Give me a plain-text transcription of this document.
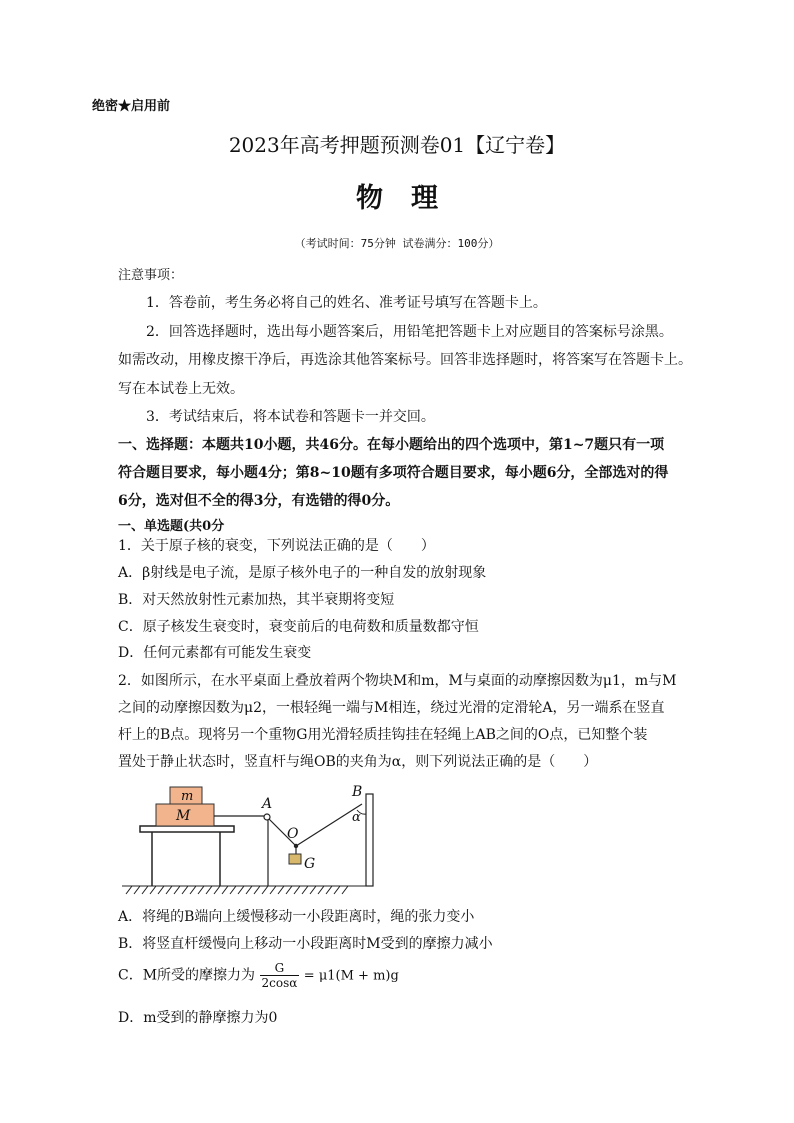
绝密★启用前
2023年高考押题预测卷01【辽宁卷】
物 理
（考试时间：75分钟 试卷满分：100分）
注意事项：
1．答卷前，考生务必将自己的姓名、准考证号填写在答题卡上。
2．回答选择题时，选出每小题答案后，用铅笔把答题卡上对应题目的答案标号涂黑。
如需改动，用橡皮擦干净后，再选涂其他答案标号。回答非选择题时，将答案写在答题卡上。
写在本试卷上无效。
3．考试结束后，将本试卷和答题卡一并交回。
一、选择题：本题共10小题，共46分。在每小题给出的四个选项中，第1~7题只有一项
符合题目要求，每小题4分；第8~10题有多项符合题目要求，每小题6分，全部选对的得
6分，选对但不全的得3分，有选错的得0分。
一、单选题(共0分
1．关于原子核的衰变，下列说法正确的是（　　）
A．β射线是电子流，是原子核外电子的一种自发的放射现象
B．对天然放射性元素加热，其半衰期将变短
C．原子核发生衰变时，衰变前后的电荷数和质量数都守恒
D．任何元素都有可能发生衰变
2．如图所示，在水平桌面上叠放着两个物块M和m，M与桌面的动摩擦因数为μ1，m与M
之间的动摩擦因数为μ2，一根轻绳一端与M相连，绕过光滑的定滑轮A，另一端系在竖直
杆上的B点。现将另一个重物G用光滑轻质挂钩挂在轻绳上AB之间的O点，已知整个装
置处于静止状态时，竖直杆与绳OB的夹角为α，则下列说法正确的是（　　）
M
m	A
O
B
α
G
A．将绳的B端向上缓慢移动一小段距离时，绳的张力变小
B．将竖直杆缓慢向上移动一小段距离时M受到的摩擦力减小
C．M所受的摩擦力为 $\frac{G}{2\cos\alpha} = \mu 1(M + m)g$
D．m受到的静摩擦力为0
